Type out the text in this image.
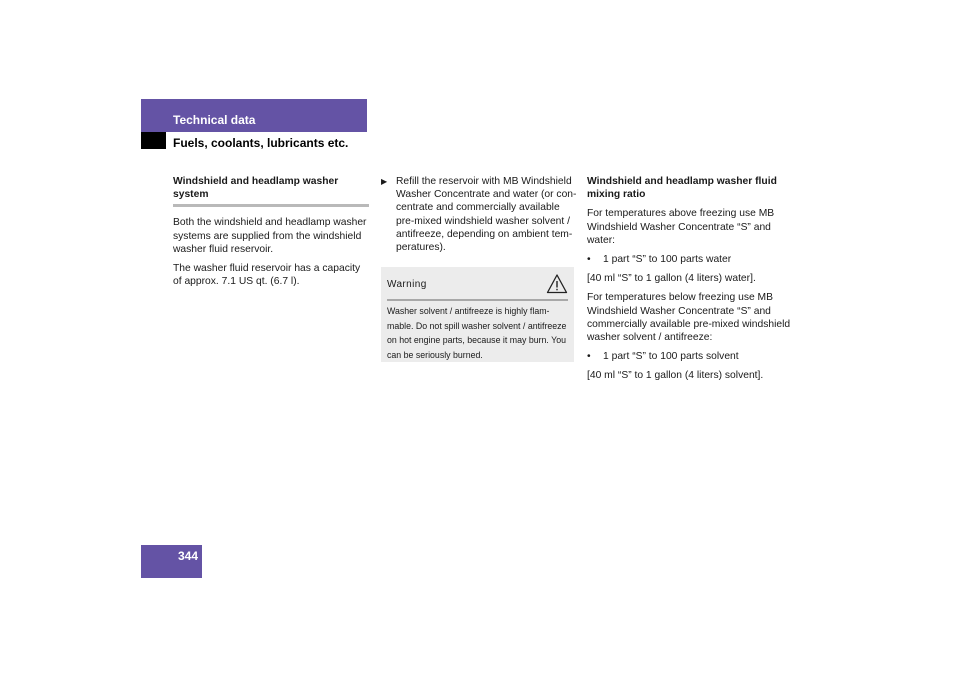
Technical data
Fuels, coolants, lubricants etc.
Windshield and headlamp washer system

Both the windshield and headlamp washer systems are supplied from the windshield washer fluid reservoir.

The washer fluid reservoir has a capacity of approx. 7.1 US qt. (6.7 l).

▶ Refill the reservoir with MB Windshield Washer Concentrate and water (or con-centrate and commercially available pre-mixed windshield washer solvent / antifreeze, depending on ambient tem-peratures).
Warning
Washer solvent / antifreeze is highly flam-mable. Do not spill washer solvent / antifreeze on hot engine parts, because it may burn. You can be seriously burned.
Windshield and headlamp washer fluid mixing ratio

For temperatures above freezing use MB Windshield Washer Concentrate “S” and water:

•	1 part “S” to 100 parts water

[40 ml “S” to 1 gallon (4 liters) water].

For temperatures below freezing use MB Windshield Washer Concentrate “S” and commercially available pre-mixed windshield washer solvent / antifreeze:

•	1 part “S” to 100 parts solvent

[40 ml “S” to 1 gallon (4 liters) solvent].

344
